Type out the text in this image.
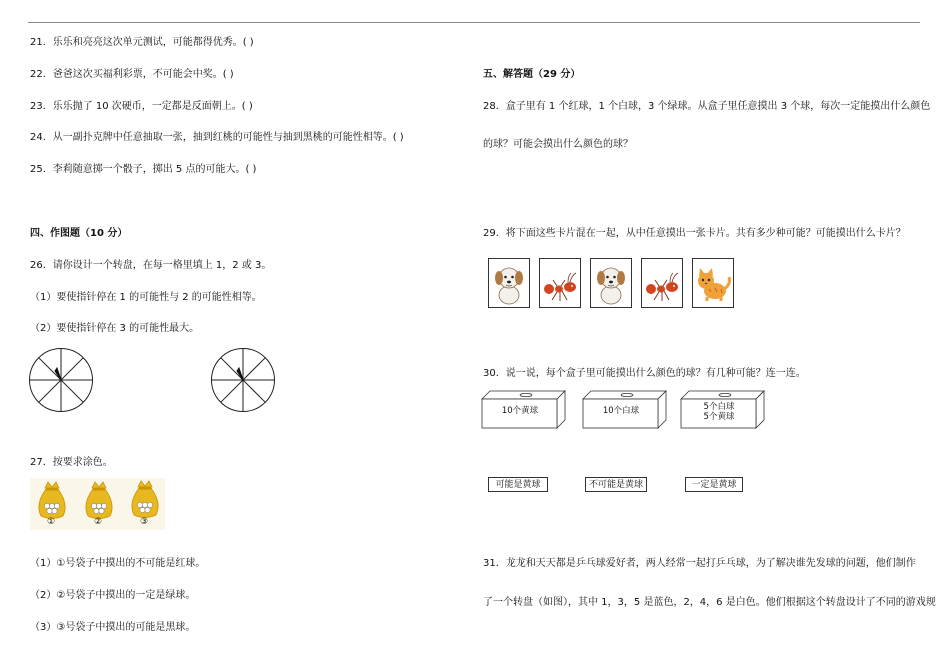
21．乐乐和亮亮这次单元测试，可能都得优秀。( )
22．爸爸这次买福利彩票，不可能会中奖。( )
23．乐乐抛了 10 次硬币，一定都是反面朝上。( )
24．从一副扑克牌中任意抽取一张，抽到红桃的可能性与抽到黑桃的可能性相等。( )
25．李莉随意掷一个骰子，掷出 5 点的可能大。( )
四、作图题（10 分）
26．请你设计一个转盘，在每一格里填上 1，2 或 3。
（1）要使指针停在 1 的可能性与 2 的可能性相等。
（2）要使指针停在 3 的可能性最大。
27．按要求涂色。
①	②	③
（1）①号袋子中摸出的不可能是红球。
（2）②号袋子中摸出的一定是绿球。
（3）③号袋子中摸出的可能是黑球。
五、解答题（29 分）
28．盒子里有 1 个红球，1 个白球，3 个绿球。从盒子里任意摸出 3 个球，每次一定能摸出什么颜色
的球？可能会摸出什么颜色的球？
29．将下面这些卡片混在一起，从中任意摸出一张卡片。共有多少种可能？可能摸出什么卡片？
30．说一说，每个盒子里可能摸出什么颜色的球？有几种可能？连一连。
10个黄球	10个白球	5个白球
5个黄球
可能是黄球	不可能是黄球	一定是黄球
31．龙龙和天天都是乒乓球爱好者，两人经常一起打乒乓球，为了解决谁先发球的问题，他们制作
了一个转盘（如图），其中 1，3，5 是蓝色，2，4，6 是白色。他们根据这个转盘设计了不同的游戏规
